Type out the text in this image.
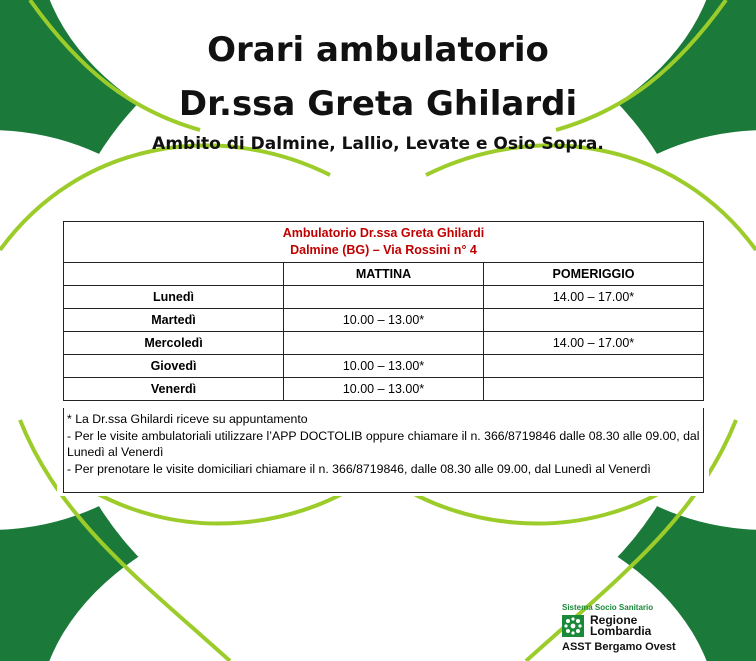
Orari ambulatorio
Dr.ssa Greta Ghilardi
Ambito di Dalmine, Lallio, Levate e Osio Sopra.
Ambulatorio Dr.ssa Greta Ghilardi
Dalmine (BG) – Via Rossini n° 4		

	MATTINA	POMERIGGIO
Lunedì		14.00 – 17.00*
Martedì	10.00 – 13.00*	
Mercoledì		14.00 – 17.00*
Giovedì	10.00 – 13.00*	
Venerdì	10.00 – 13.00*	
* La Dr.ssa Ghilardi riceve su appuntamento
- Per le visite ambulatoriali utilizzare l’APP DOCTOLIB oppure chiamare il n. 366/8719846 dalle 08.30 alle 09.00, dal Lunedì al Venerdì
- Per prenotare le visite domiciliari chiamare il n. 366/8719846, dalle 08.30 alle 09.00, dal Lunedì al Venerdì
Sistema Socio Sanitario
Regione
Lombardia
ASST Bergamo Ovest
